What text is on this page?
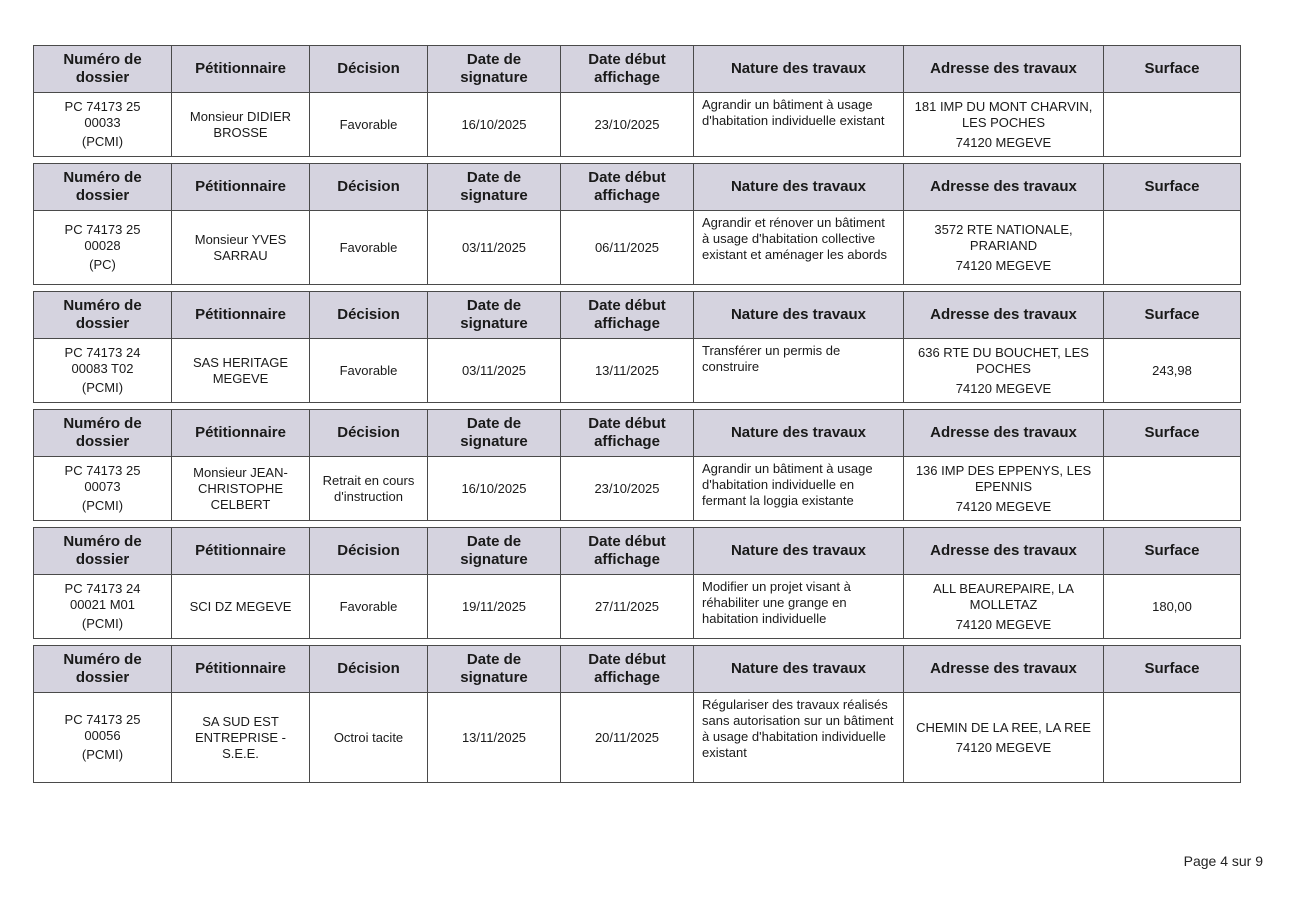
Numéro de dossier	Pétitionnaire	Décision	Date de signature	Date début affichage	Nature des travaux	Adresse des travaux	Surface

PC 74173 25
00033
(PCMI)	Monsieur DIDIER BROSSE	Favorable	16/10/2025	23/10/2025	Agrandir un bâtiment à usage d'habitation individuelle existant	181 IMP DU MONT CHARVIN, LES POCHES
74120 MEGEVE	

Numéro de dossier	Pétitionnaire	Décision	Date de signature	Date début affichage	Nature des travaux	Adresse des travaux	Surface

PC 74173 25
00028
(PC)	Monsieur YVES SARRAU	Favorable	03/11/2025	06/11/2025	Agrandir et rénover un bâtiment à usage d'habitation collective existant et aménager les abords	3572 RTE NATIONALE, PRARIAND
74120 MEGEVE	

Numéro de dossier	Pétitionnaire	Décision	Date de signature	Date début affichage	Nature des travaux	Adresse des travaux	Surface

PC 74173 24
00083 T02
(PCMI)	SAS HERITAGE MEGEVE	Favorable	03/11/2025	13/11/2025	Transférer un permis de construire	636 RTE DU BOUCHET, LES POCHES
74120 MEGEVE	243,98
Numéro de dossier	Pétitionnaire	Décision	Date de signature	Date début affichage	Nature des travaux	Adresse des travaux	Surface

PC 74173 25
00073
(PCMI)	Monsieur JEAN-CHRISTOPHE CELBERT	Retrait en cours d'instruction	16/10/2025	23/10/2025	Agrandir un bâtiment à usage d'habitation individuelle en fermant la loggia existante	136 IMP DES EPPENYS, LES EPENNIS
74120 MEGEVE	

Numéro de dossier	Pétitionnaire	Décision	Date de signature	Date début affichage	Nature des travaux	Adresse des travaux	Surface

PC 74173 24
00021 M01
(PCMI)	SCI DZ MEGEVE	Favorable	19/11/2025	27/11/2025	Modifier un projet visant à réhabiliter une grange en habitation individuelle	ALL BEAUREPAIRE, LA MOLLETAZ
74120 MEGEVE	180,00
Numéro de dossier	Pétitionnaire	Décision	Date de signature	Date début affichage	Nature des travaux	Adresse des travaux	Surface

PC 74173 25
00056
(PCMI)	SA SUD EST ENTREPRISE - S.E.E.	Octroi tacite	13/11/2025	20/11/2025	Régulariser des travaux réalisés sans autorisation sur un bâtiment à usage d'habitation individuelle existant	CHEMIN DE LA REE, LA REE
74120 MEGEVE	

Page 4 sur 9
